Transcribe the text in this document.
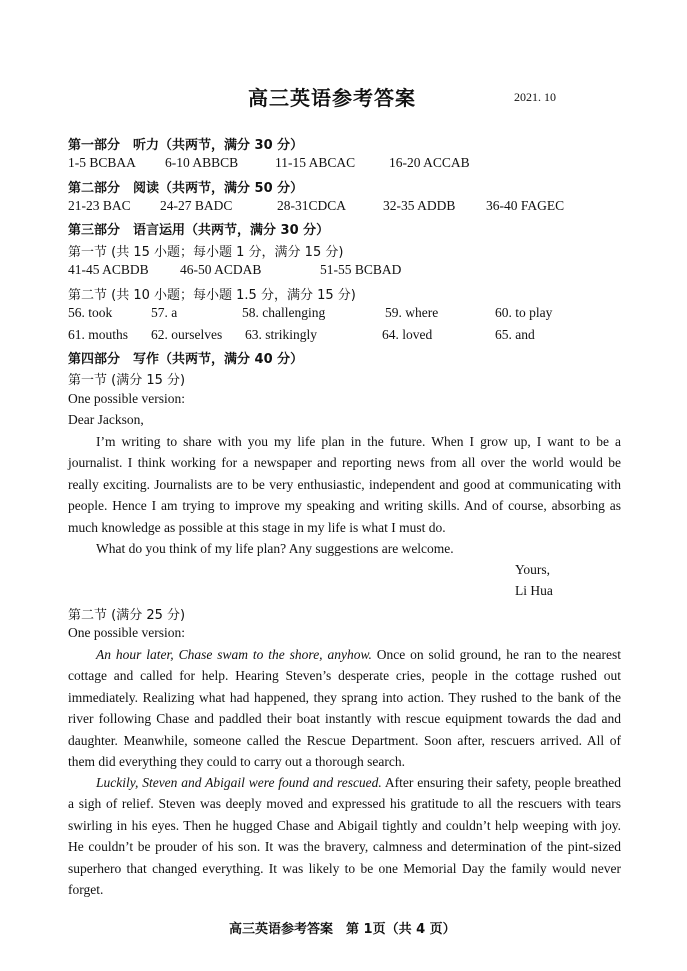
高三英语参考答案	2021. 10
第一部分　听力（共两节，满分 30 分）
1-5 BCBAA 6-10 ABBCB	11-15 ABCAC	16-20 ACCAB
第二部分　阅读（共两节，满分 50 分）
21-23 BAC 24-27 BADC	28-31CDCA	32-35 ADDB 36-40 FAGEC
第三部分　语言运用（共两节，满分 30 分）
第一节 (共 15 小题；每小题 1 分，满分 15 分)
41-45 ACBDB 46-50 ACDAB	51-55 BCBAD
第二节 (共 10 小题；每小题 1.5 分，满分 15 分)
56. took	57. a	58. challenging	59. where	60. to play
61. mouths 62. ourselves 63. strikingly	64. loved	65. and
第四部分　写作（共两节，满分 40 分）
第一节 (满分 15 分)
One possible version:
Dear Jackson,
I’m writing to share with you my life plan in the future. When I grow up, I want to be a journalist. I think working for a newspaper and reporting news from all over the world would be really exciting. Journalists are to be very enthusiastic, independent and good at communicating with people. Hence I am trying to improve my speaking and writing skills. And of course, absorbing as much knowledge as possible at this stage in my life is what I must do.
What do you think of my life plan? Any suggestions are welcome.
Yours,
Li Hua
第二节 (满分 25 分)
One possible version:
An hour later, Chase swam to the shore, anyhow. Once on solid ground, he ran to the nearest cottage and called for help. Hearing Steven’s desperate cries, people in the cottage rushed out immediately. Realizing what had happened, they sprang into action. They rushed to the bank of the river following Chase and paddled their boat instantly with rescue equipment towards the dad and daughter. Meanwhile, someone called the Rescue Department. Soon after, rescuers arrived. All of them did everything they could to carry out a thorough search.
Luckily, Steven and Abigail were found and rescued. After ensuring their safety, people breathed a sigh of relief. Steven was deeply moved and expressed his gratitude to all the rescuers with tears swirling in his eyes. Then he hugged Chase and Abigail tightly and couldn’t help weeping with joy. He couldn’t be prouder of his son. It was the bravery, calmness and determination of the pint-sized superhero that changed everything. It was likely to be one Memorial Day the family would never forget.
高三英语参考答案　第 1页（共 4 页）
